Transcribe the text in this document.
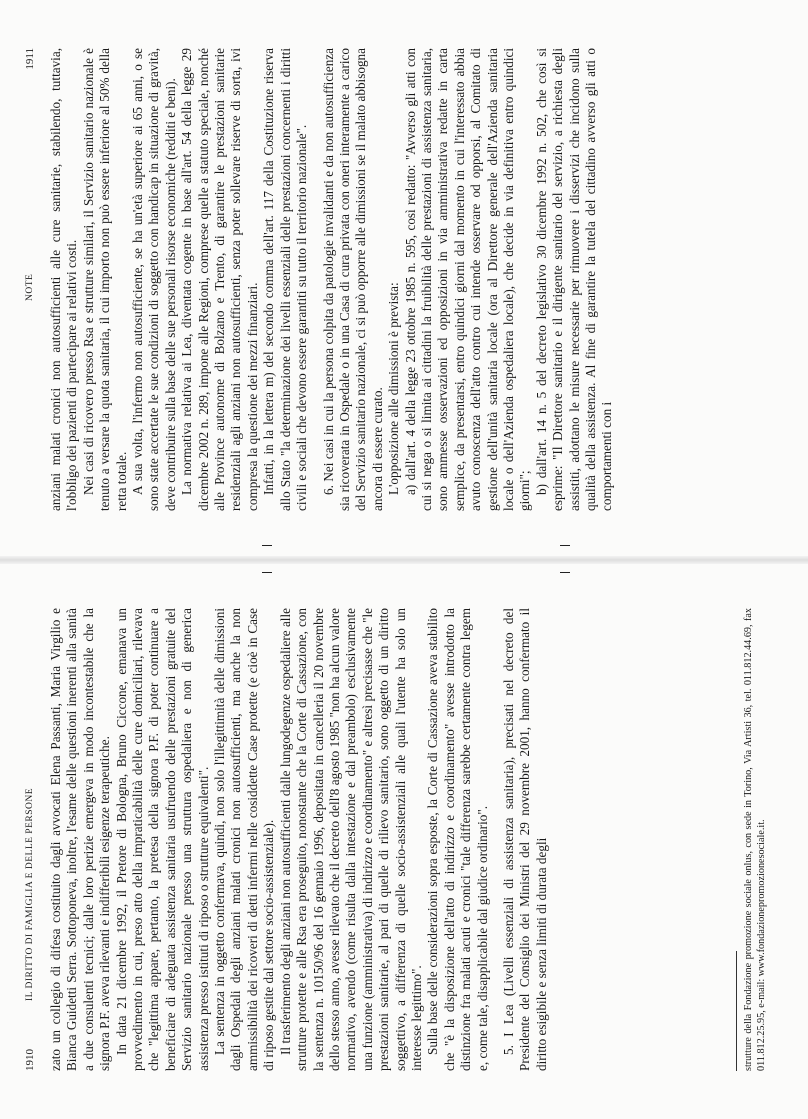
1910
IL DIRITTO DI FAMIGLIA E DELLE PERSONE zato un collegio di difesa costituito dagli avvocati Elena Passanti, Maria Virgilio e Bianca Guidetti Serra. Sottoponeva, inoltre, l'esame delle questioni inerenti alla sanità a due consulenti tecnici; dalle loro perizie emergeva in modo incontestabile che la signora P.F. aveva rilevanti e indifferibili esigenze terapeutiche. In data 21 dicembre 1992, il Pretore di Bologna, Bruno Ciccone, emanava un provvedimento in cui, preso atto della impraticabilità delle cure domiciliari, rilevava che "legittima appare, pertanto, la pretesa della signora P.F. di poter continuare a beneficiare di adeguata assistenza sanitaria usufruendo delle prestazioni gratuite del Servizio sanitario nazionale presso una struttura ospedaliera e non di generica assistenza presso istituti di riposo o strutture equivalenti". La sentenza in oggetto confermava, quindi, non solo l'illegittimità delle dimissioni dagli Ospedali degli anziani malati cronici non autosufficienti, ma anche la non ammissibilità dei ricoveri di detti infermi nelle cosiddette Case protette (e cioè in Case di riposo gestite dal settore socio-assistenziale). Il trasferimento degli anziani non autosufficienti dalle lungodegenze ospedaliere alle strutture protette e alle Rsa era proseguito, nonostante che la Corte di Cassazione, con la sentenza n. 10150/96 del 16 gennaio 1996, depositata in cancelleria il 20 novembre dello stesso anno, avesse rilevato che il decreto dell'8 agosto 1985 "non ha alcun valore normativo, avendo (come risulta dalla intestazione e dal preambolo) esclusivamente una funzione (amministrativa) di indirizzo e coordinamento" e altresì precisasse che "le prestazioni sanitarie, al pari di quelle di rilievo sanitario, sono oggetto di un diritto soggettivo, a differenza di quelle socio-assistenziali alle quali l'utente ha solo un interesse legittimo". Sulla base delle considerazioni sopra esposte, la Corte di Cassazione aveva stabilito che "è la disposizione dell'atto di indirizzo e coordinamento" avesse introdotto la distinzione fra malati acuti e cronici "tale differenza sarebbe certamente contra legem e, come tale, disapplicabile dal giudice ordinario". 5. I Lea (Livelli essenziali di assistenza sanitaria), precisati nel decreto del Presidente del Consiglio dei Ministri del 29 novembre 2001, hanno confermato il diritto esigibile e senza limiti di durata degli	strutture della Fondazione promozione sociale onlus, con sede in Torino, Via Artisti 36, tel. 011.812.44.69, fax 011.812.25.95, e-mail: www.fondazionepromozionesociale.it.
NOTE
1911 anziani malati cronici non autosufficienti alle cure sanitarie, stabilendo, tuttavia, l'obbligo dei pazienti di partecipare ai relativi costi. Nei casi di ricovero presso Rsa e strutture similari, il Servizio sanitario nazionale è tenuto a versare la quota sanitaria, il cui importo non può essere inferiore al 50% della retta totale. A sua volta, l'infermo non autosufficiente, se ha un'età superiore ai 65 anni, o se sono state accertate le sue condizioni di soggetto con handicap in situazione di gravità, deve contribuire sulla base delle sue personali risorse economiche (redditi e beni). La normativa relativa ai Lea, diventata cogente in base all'art. 54 della legge 29 dicembre 2002 n. 289, impone alle Regioni, comprese quelle a statuto speciale, nonché alle Province autonome di Bolzano e Trento, di garantire le prestazioni sanitarie residenziali agli anziani non autosufficienti, senza poter sollevare riserve di sorta, ivi compresa la questione dei mezzi finanziari. Infatti, in la lettera m) del secondo comma dell'art. 117 della Costituzione riserva allo Stato "la determinazione dei livelli essenziali delle prestazioni concernenti i diritti civili e sociali che devono essere garantiti su tutto il territorio nazionale". 6. Nei casi in cui la persona colpita da patologie invalidanti e da non autosufficienza sia ricoverata in Ospedale o in una Casa di cura privata con oneri interamente a carico del Servizio sanitario nazionale, ci si può opporre alle dimissioni se il malato abbisogna ancora di essere curato. L'opposizione alle dimissioni è prevista: a) dall'art. 4 della legge 23 ottobre 1985 n. 595, così redatto: "Avverso gli atti con cui si nega o si limita ai cittadini la fruibilità delle prestazioni di assistenza sanitaria, sono ammesse osservazioni ed opposizioni in via amministrativa redatte in carta semplice, da presentarsi, entro quindici giorni dal momento in cui l'interessato abbia avuto conoscenza dell'atto contro cui intende osservare od opporsi, al Comitato di gestione dell'unità sanitaria locale (ora al Direttore generale dell'Azienda sanitaria locale o dell'Azienda ospedaliera locale), che decide in via definitiva entro quindici giorni"; b) dall'art. 14 n. 5 del decreto legislativo 30 dicembre 1992 n. 502, che così si esprime: "Il Direttore sanitario e il dirigente sanitario del servizio, a richiesta degli assistiti, adottano le misure necessarie per rimuovere i disservizi che incidono sulla qualità della assistenza. Al fine di garantire la tutela del cittadino avverso gli atti o comportamenti con i
